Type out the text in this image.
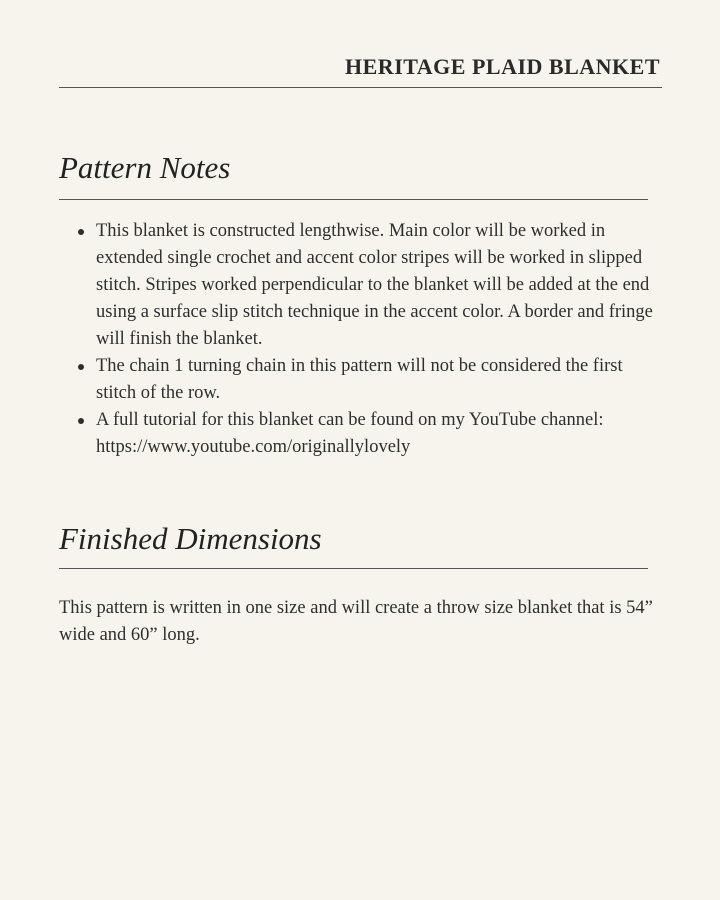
HERITAGE PLAID BLANKET
Pattern Notes
This blanket is constructed lengthwise. Main color will be worked in extended single crochet and accent color stripes will be worked in slipped stitch. Stripes worked perpendicular to the blanket will be added at the end using a surface slip stitch technique in the accent color. A border and fringe will finish the blanket.
The chain 1 turning chain in this pattern will not be considered the first stitch of the row.
A full tutorial for this blanket can be found on my YouTube channel: https://www.youtube.com/originallylovely
Finished Dimensions

This pattern is written in one size and will create a throw size blanket that is 54” wide and 60” long.
